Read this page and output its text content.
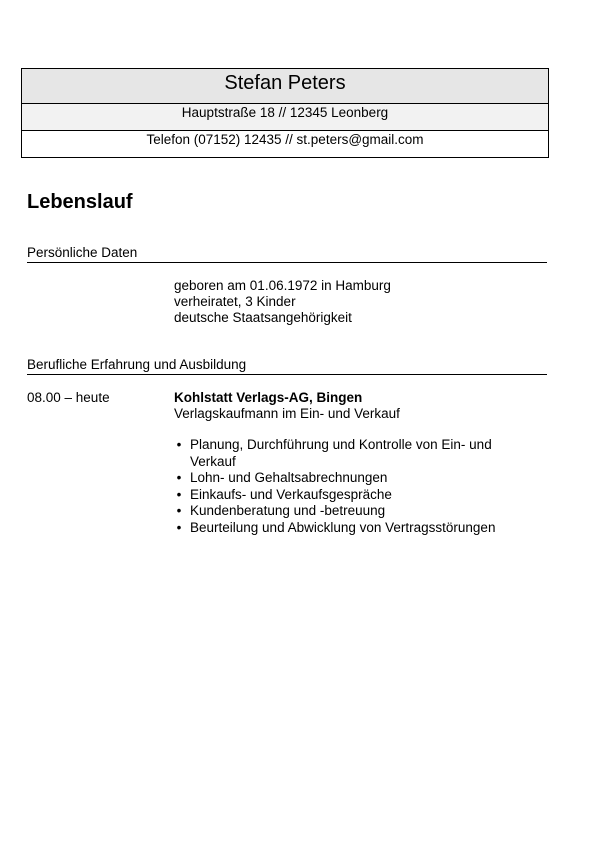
Stefan Peters
Hauptstraße 18 // 12345 Leonberg
Telefon (07152) 12435 // st.peters@gmail.com
Lebenslauf
Persönliche Daten
geboren am 01.06.1972 in Hamburg
verheiratet, 3 Kinder
deutsche Staatsangehörigkeit
Berufliche Erfahrung und Ausbildung
08.00 – heute	Kohlstatt Verlags-AG, Bingen
Verlagskaufmann im Ein- und Verkauf
• Planung, Durchführung und Kontrolle von Ein- und Verkauf
• Lohn- und Gehaltsabrechnungen
• Einkaufs- und Verkaufsgespräche
• Kundenberatung und -betreuung
• Beurteilung und Abwicklung von Vertragsstörungen
